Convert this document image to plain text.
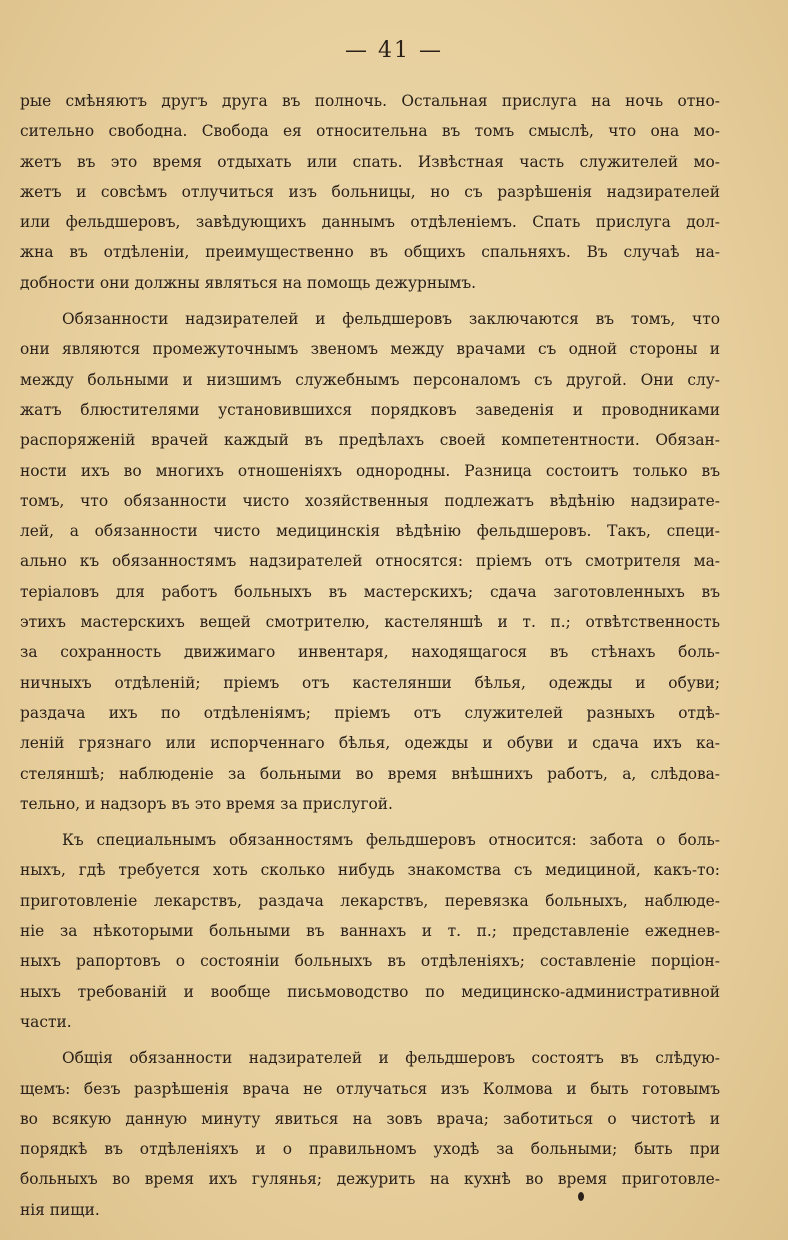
— 41 —
рые смѣняютъ другъ друга въ полночь. Остальная прислуга на ночь отно-
сительно свободна. Свобода ея относительна въ томъ смыслѣ, что она мо-
жетъ въ это время отдыхать или спать. Извѣстная часть служителей мо-
жетъ и совсѣмъ отлучиться изъ больницы, но съ разрѣшенія надзирателей
или фельдшеровъ, завѣдующихъ даннымъ отдѣленіемъ. Спать прислуга дол-
жна въ отдѣленіи, преимущественно въ общихъ спальняхъ. Въ случаѣ на-
добности они должны являться на помощь дежурнымъ.
Обязанности надзирателей и фельдшеровъ заключаются въ томъ, что
они являются промежуточнымъ звеномъ между врачами съ одной стороны и
между больными и низшимъ служебнымъ персоналомъ съ другой. Они слу-
жатъ блюстителями установившихся порядковъ заведенія и проводниками
распоряженій врачей каждый въ предѣлахъ своей компетентности. Обязан-
ности ихъ во многихъ отношеніяхъ однородны. Разница состоитъ только въ
томъ, что обязанности чисто хозяйственныя подлежатъ вѣдѣнію надзирате-
лей, а обязанности чисто медицинскія вѣдѣнію фельдшеровъ. Такъ, специ-
ально къ обязанностямъ надзирателей относятся: пріемъ отъ смотрителя ма-
теріаловъ для работъ больныхъ въ мастерскихъ; сдача заготовленныхъ въ
этихъ мастерскихъ вещей смотрителю, кастеляншѣ и т. п.; отвѣтственность
за сохранность движимаго инвентаря, находящагося въ стѣнахъ боль-
ничныхъ отдѣленій; пріемъ отъ кастелянши бѣлья, одежды и обуви;
раздача ихъ по отдѣленіямъ; пріемъ отъ служителей разныхъ отдѣ-
леній грязнаго или испорченнаго бѣлья, одежды и обуви и сдача ихъ ка-
стеляншѣ; наблюденіе за больными во время внѣшнихъ работъ, а, слѣдова-
тельно, и надзоръ въ это время за прислугой.
Къ специальнымъ обязанностямъ фельдшеровъ относится: забота о боль-
ныхъ, гдѣ требуется хоть сколько нибудь знакомства съ медициной, какъ-то:
приготовленіе лекарствъ, раздача лекарствъ, перевязка больныхъ, наблюде-
ніе за нѣкоторыми больными въ ваннахъ и т. п.; представленіе ежеднев-
ныхъ рапортовъ о состояніи больныхъ въ отдѣленіяхъ; составленіе порціон-
ныхъ требованій и вообще письмоводство по медицинско-административной
части.
Общія обязанности надзирателей и фельдшеровъ состоятъ въ слѣдую-
щемъ: безъ разрѣшенія врача не отлучаться изъ Колмова и быть готовымъ
во всякую данную минуту явиться на зовъ врача; заботиться о чистотѣ и
порядкѣ въ отдѣленіяхъ и о правильномъ уходѣ за больными; быть при
больныхъ во время ихъ гулянья; дежурить на кухнѣ во время приготовле-
нія пищи.
